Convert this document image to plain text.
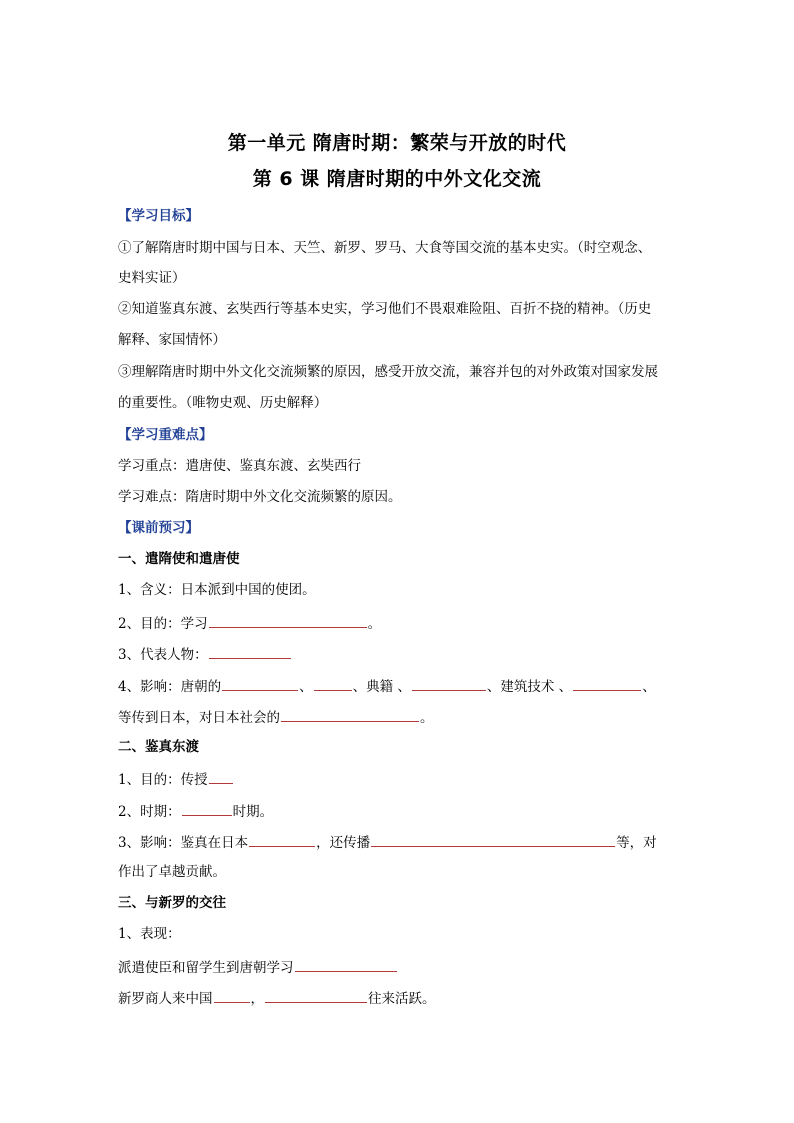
第一单元 隋唐时期：繁荣与开放的时代
第 6 课 隋唐时期的中外文化交流
【学习目标】
①了解隋唐时期中国与日本、天竺、新罗、罗马、大食等国交流的基本史实。（时空观念、
史料实证）
②知道鉴真东渡、玄奘西行等基本史实，学习他们不畏艰难险阻、百折不挠的精神。（历史
解释、家国情怀）
③理解隋唐时期中外文化交流频繁的原因，感受开放交流，兼容并包的对外政策对国家发展
的重要性。（唯物史观、历史解释）
【学习重难点】
学习重点：遣唐使、鉴真东渡、玄奘西行
学习难点：隋唐时期中外文化交流频繁的原因。
【课前预习】
一、遣隋使和遣唐使
1、含义：日本派到中国的使团。
2、目的：学习	。
3、代表人物：
4、影响：唐朝的	、	、典籍 、	、建筑技术 、	、
等传到日本，对日本社会的	。
二、鉴真东渡
1、目的：传授
2、时期：	时期。
3、影响：鉴真在日本	，还传播	等，对
作出了卓越贡献。
三、与新罗的交往
1、表现：
派遣使臣和留学生到唐朝学习
新罗商人来中国	，	往来活跃。
